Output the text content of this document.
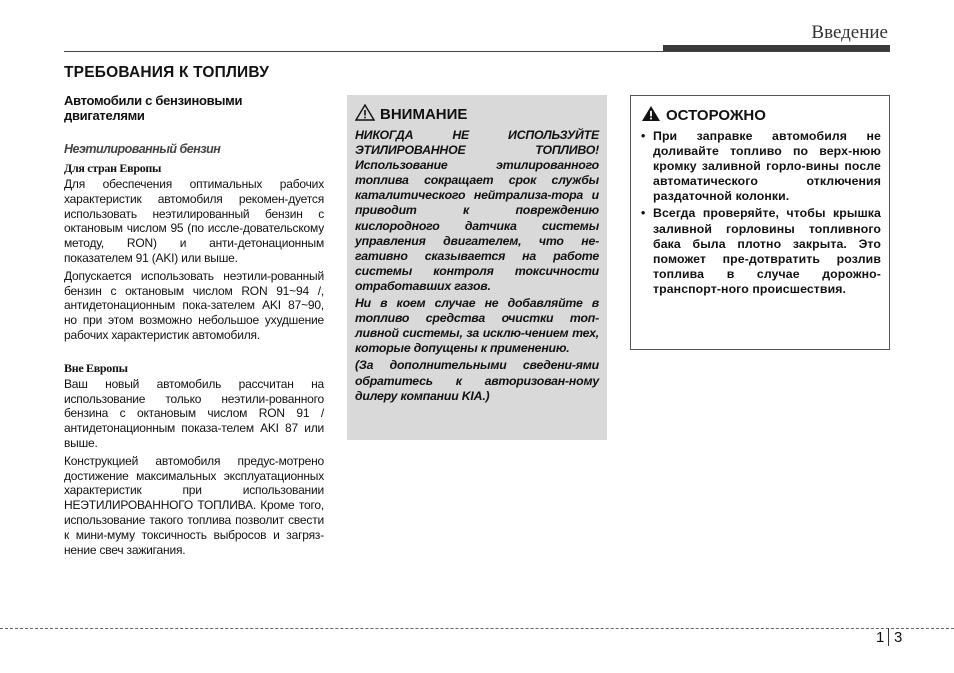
Введение
ТРЕБОВАНИЯ К ТОПЛИВУ

Автомобили с бензиновыми
двигателями

Неэтилированный бензин

Для стран Европы

Для обеспечения оптимальных рабочих характеристик автомобиля рекомен-дуется использовать неэтилированный бензин с октановым числом 95 (по иссле-довательскому методу, RON) и анти-детонационным показателем 91 (AKI) или выше.

Допускается использовать неэтили-рованный бензин с октановым числом RON 91~94 /, антидетонационным пока-зателем AKI 87~90, но при этом возможно небольшое ухудшение рабочих характеристик автомобиля.

Вне Европы

Ваш новый автомобиль рассчитан на использование только неэтили-рованного бензина с октановым числом RON 91 / антидетонационным показа-телем AKI 87 или выше.

Конструкцией автомобиля предус-мотрено достижение максимальных эксплуатационных характеристик при использовании НЕЭТИЛИРОВАННОГО ТОПЛИВА. Кроме того, использование такого топлива позволит свести к мини-муму токсичность выбросов и загряз-нение свеч зажигания.

ВНИМАНИЕ

НИКОГДА НЕ ИСПОЛЬЗУЙТЕ ЭТИЛИРОВАННОЕ ТОПЛИВО! Использование этилированного топлива сокращает срок службы каталитического нейтрализа-тора и приводит к повреждению кислородного датчика системы управления двигателем, что не-гативно сказывается на работе системы контроля токсичности отработавших газов.

Ни в коем случае не добавляйте в топливо средства очистки топ-ливной системы, за исклю-чением тех, которые допущены к применению.

(За дополнительными сведени-ями обратитесь к авторизован-ному дилеру компании KIA.)

ОСТОРОЖНО
• При заправке автомобиля не доливайте топливо по верх-нюю кромку заливной горло-вины после автоматического отключения раздаточной колонки.
• Всегда проверяйте, чтобы крышка заливной горловины топливного бака была плотно закрыта. Это поможет пре-дотвратить розлив топлива в случае дорожно-транспорт-ного происшествия.
1 3
